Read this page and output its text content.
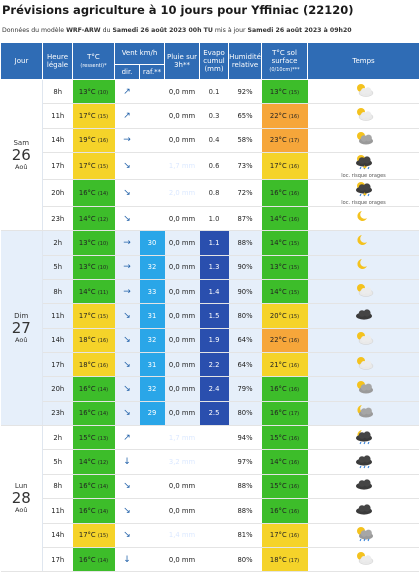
Prévisions agriculture à 10 jours pour Yffiniac (22120)
Données du modèle WRF-ARW du Samedi 26 août 2023 00h TU mis à jour Samedi 26 août 2023 à 09h20
Jour	Heure légale	T°C
(ressenti)*	Vent km/h		Pluie sur 3h**	Evapo cumul (mm)	Humidité relative	T°C sol surface
(0/10cm)***	Temps
			dir.	raf.**					

Sam
26
Aoû	8h	13°C (10)	↗	32	0,0 mm	0.1	92%	13°C (15)	
	11h	17°C (15)	↗	30	0,0 mm	0.3	65%	22°C (16)	
	14h	19°C (16)	→	21	0,0 mm	0.4	58%	23°C (17)	
	17h	17°C (15)	↘	28	1,7 mm	0.6	73%	17°C (16)	loc. risque orages

	20h	16°C (14)	↘	27	2,0 mm	0.8	72%	16°C (16)	loc. risque orages

	23h	14°C (12)	↘	25	0,0 mm	1.0	87%	14°C (16)	

Dim
27
Aoû	2h	13°C (10)	→	30	0,0 mm	1.1	88%	14°C (15)	
	5h	13°C (10)	→	32	0,0 mm	1.3	90%	13°C (15)	
	8h	14°C (11)	→	33	0,0 mm	1.4	90%	14°C (15)	
	11h	17°C (15)	↘	31	0,0 mm	1.5	80%	20°C (15)	
	14h	18°C (16)	↘	32	0,0 mm	1.9	64%	22°C (16)	
	17h	18°C (16)	↘	31	0,0 mm	2.2	64%	21°C (16)	
	20h	16°C (14)	↘	32	0,0 mm	2.4	79%	16°C (16)	
	23h	16°C (14)	↘	29	0,0 mm	2.5	80%	16°C (17)	

Lun
28
Aoû	2h	15°C (13)	↗	21	1,7 mm	2.6	94%	15°C (16)	
	5h	14°C (12)	↓	17	3,2 mm	2.6	97%	14°C (16)	
	8h	16°C (14)	↘	23	0,0 mm	2.7	88%	15°C (16)	
	11h	16°C (14)	↘	22	0,0 mm	2.9	88%	16°C (16)	
	14h	17°C (15)	↘	30	1,4 mm	3.1	81%	17°C (16)	
	17h	16°C (14)	↓	25	0,0 mm	3.3	80%	18°C (17)	
